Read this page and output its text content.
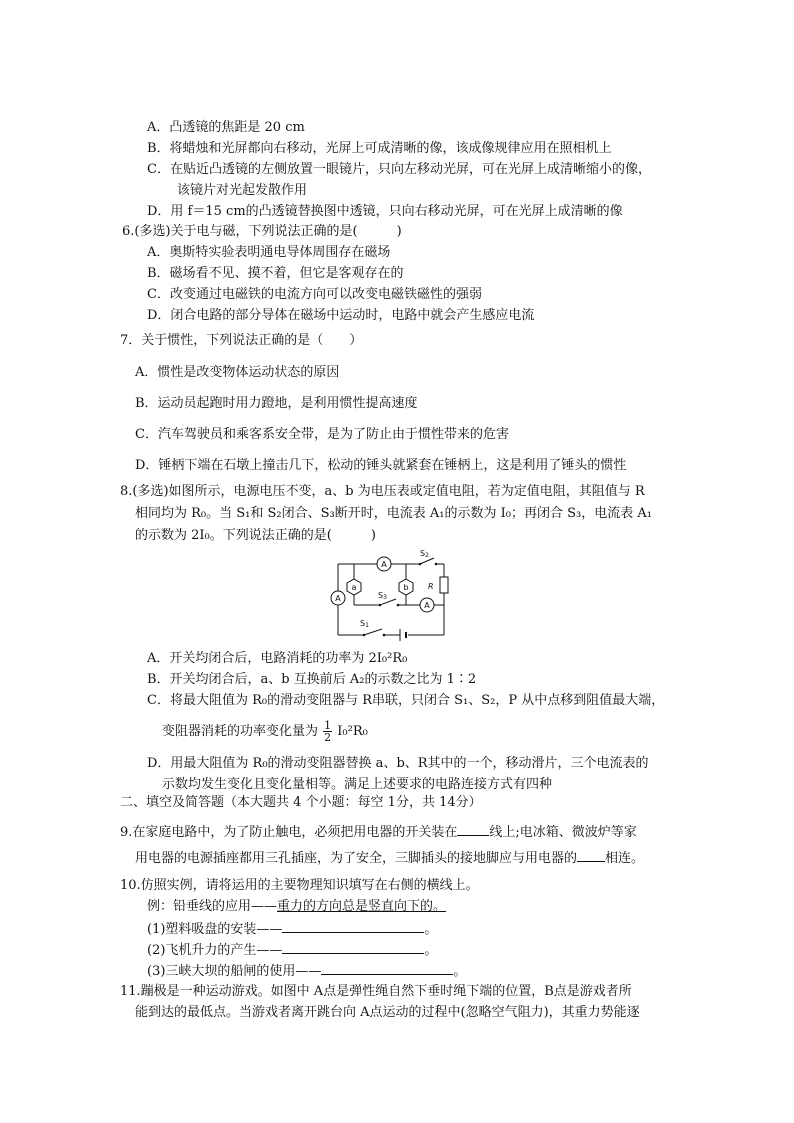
A．凸透镜的焦距是 20 cm
B．将蜡烛和光屏都向右移动，光屏上可成清晰的像，该成像规律应用在照相机上
C．在贴近凸透镜的左侧放置一眼镜片，只向左移动光屏，可在光屏上成清晰缩小的像，
该镜片对光起发散作用
D．用 f＝15 cm的凸透镜替换图中透镜，只向右移动光屏，可在光屏上成清晰的像
6.(多选)关于电与磁，下列说法正确的是(　　　)
A．奥斯特实验表明通电导体周围存在磁场
B．磁场看不见、摸不着，但它是客观存在的
C．改变通过电磁铁的电流方向可以改变电磁铁磁性的强弱
D．闭合电路的部分导体在磁场中运动时，电路中就会产生感应电流
7．关于惯性，下列说法正确的是（　　）
A．惯性是改变物体运动状态的原因
B．运动员起跑时用力蹬地，是利用惯性提高速度
C．汽车驾驶员和乘客系安全带，是为了防止由于惯性带来的危害
D．锤柄下端在石墩上撞击几下，松动的锤头就紧套在锤柄上，这是利用了锤头的惯性
8.(多选)如图所示，电源电压不变，a、b 为电压表或定值电阻，若为定值电阻，其阻值与 R
相同均为 R₀。当 S₁和 S₂闭合、S₃断开时，电流表 A₁的示数为 I₀；再闭合 S₃，电流表 A₁
的示数为 2I₀。下列说法正确的是(　　　)
S1
S2
S3
A
A
A
a	b R
A．开关均闭合后，电路消耗的功率为 2I₀²R₀
B．开关均闭合后，a、b 互换前后 A₂的示数之比为 1∶2
C．将最大阻值为 R₀的滑动变阻器与 R串联，只闭合 S₁、S₂，P 从中点移到阻值最大端，
变阻器消耗的功率变化量为 $\frac{1}{2} I_0^2R_0$
D．用最大阻值为 R₀的滑动变阻器替换 a、b、R其中的一个，移动滑片，三个电流表的
示数均发生变化且变化量相等。满足上述要求的电路连接方式有四种
二、填空及简答题（本大题共 4 个小题：每空 1分，共 14分）
9.在家庭电路中，为了防止触电，必须把用电器的开关装在 线上;电冰箱、微波炉等家
用电器的电源插座都用三孔插座，为了安全，三脚插头的接地脚应与用电器的 相连。
10.仿照实例，请将运用的主要物理知识填写在右侧的横线上。
例：铅垂线的应用——重力的方向总是竖直向下的。
(1)塑料吸盘的安装——	。
(2)飞机升力的产生——	。
(3)三峡大坝的船闸的使用——	。
11.蹦极是一种运动游戏。如图中 A点是弹性绳自然下垂时绳下端的位置，B点是游戏者所
能到达的最低点。当游戏者离开跳台向 A点运动的过程中(忽略空气阻力)，其重力势能逐
